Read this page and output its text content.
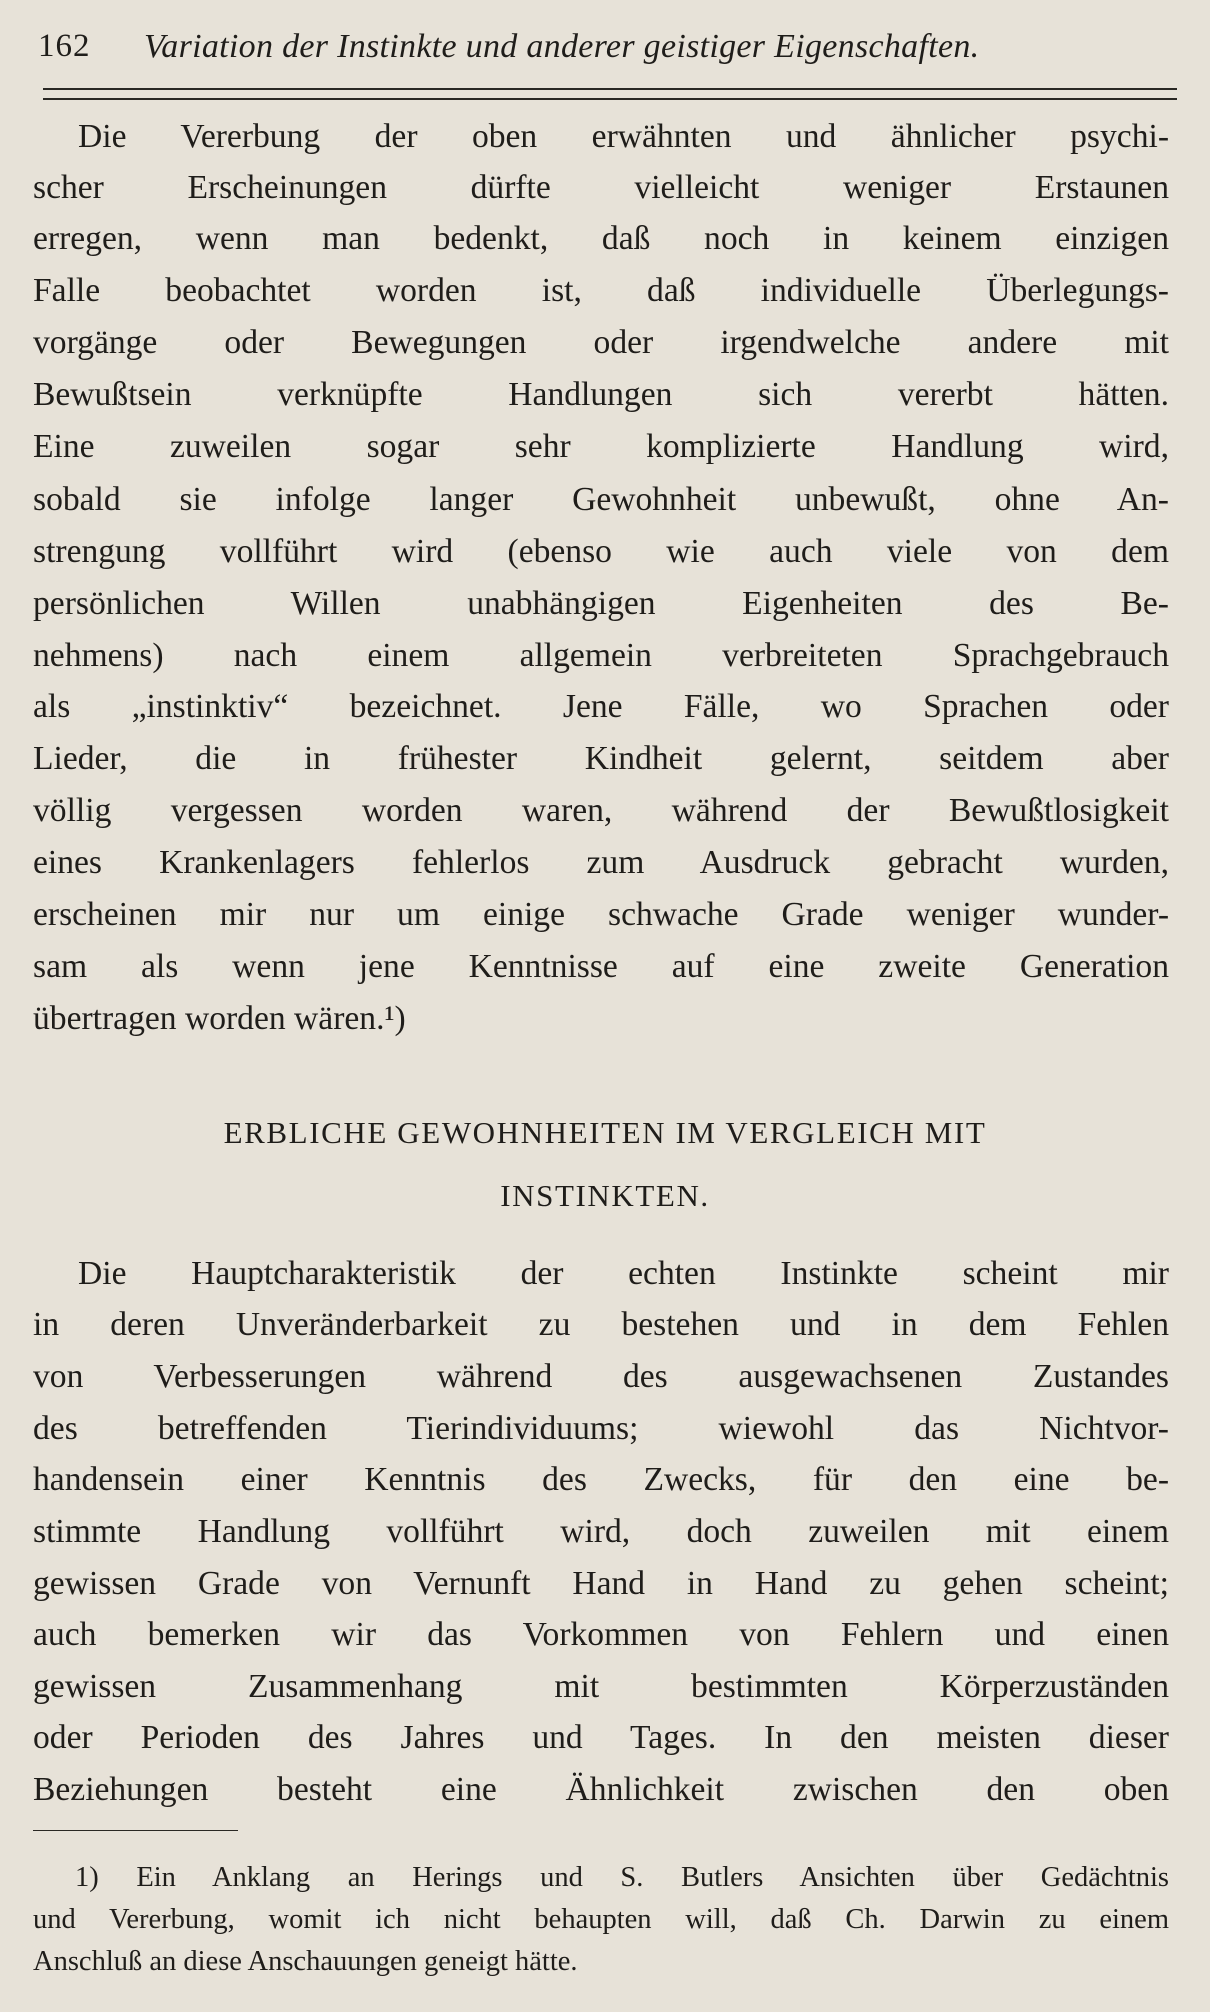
162 Variation der Instinkte und anderer geistiger Eigenschaften.
Die Vererbung der oben erwähnten und ähnlicher psychi-
scher Erscheinungen dürfte vielleicht weniger Erstaunen
erregen, wenn man bedenkt, daß noch in keinem einzigen
Falle beobachtet worden ist, daß individuelle Überlegungs-
vorgänge oder Bewegungen oder irgendwelche andere mit
Bewußtsein verknüpfte Handlungen sich vererbt hätten.
Eine zuweilen sogar sehr komplizierte Handlung wird,
sobald sie infolge langer Gewohnheit unbewußt, ohne An-
strengung vollführt wird (ebenso wie auch viele von dem
persönlichen Willen unabhängigen Eigenheiten des Be-
nehmens) nach einem allgemein verbreiteten Sprachgebrauch
als „instinktiv“ bezeichnet. Jene Fälle, wo Sprachen oder
Lieder, die in frühester Kindheit gelernt, seitdem aber
völlig vergessen worden waren, während der Bewußtlosigkeit
eines Krankenlagers fehlerlos zum Ausdruck gebracht wurden,
erscheinen mir nur um einige schwache Grade weniger wunder-
sam als wenn jene Kenntnisse auf eine zweite Generation
übertragen worden wären.¹)
ERBLICHE GEWOHNHEITEN IM VERGLEICH MIT
INSTINKTEN.
Die Hauptcharakteristik der echten Instinkte scheint mir
in deren Unveränderbarkeit zu bestehen und in dem Fehlen
von Verbesserungen während des ausgewachsenen Zustandes
des betreffenden Tierindividuums; wiewohl das Nichtvor-
handensein einer Kenntnis des Zwecks, für den eine be-
stimmte Handlung vollführt wird, doch zuweilen mit einem
gewissen Grade von Vernunft Hand in Hand zu gehen scheint;
auch bemerken wir das Vorkommen von Fehlern und einen
gewissen Zusammenhang mit bestimmten Körperzuständen
oder Perioden des Jahres und Tages. In den meisten dieser
Beziehungen besteht eine Ähnlichkeit zwischen den oben
1) Ein Anklang an Herings und S. Butlers Ansichten über Gedächtnis
und Vererbung, womit ich nicht behaupten will, daß Ch. Darwin zu einem
Anschluß an diese Anschauungen geneigt hätte.
